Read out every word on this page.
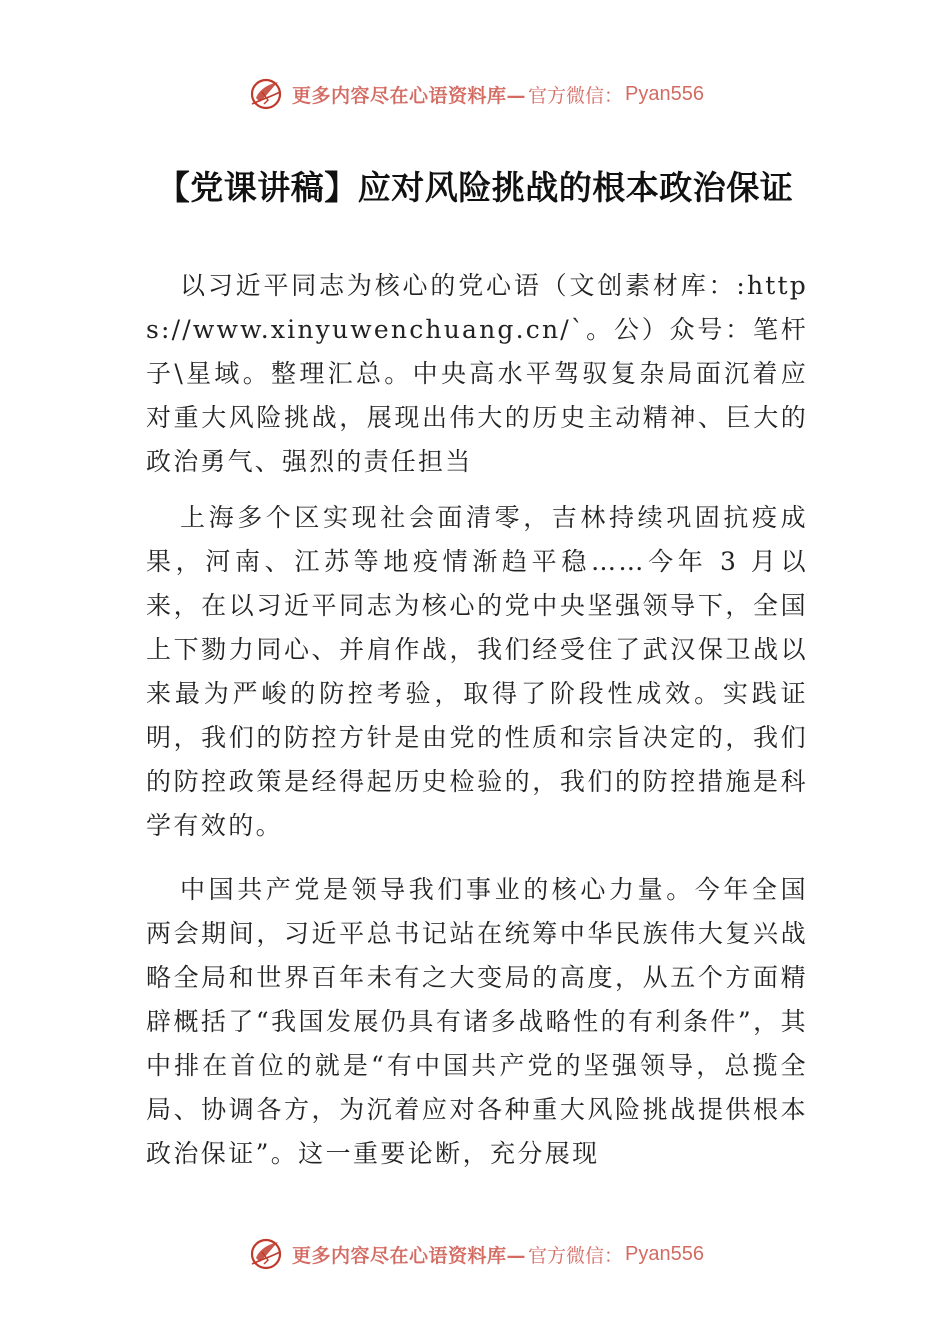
更多内容尽在心语资料库— 官方微信： Pyan556
【党课讲稿】应对风险挑战的根本政治保证

以习近平同志为核心的党心语（文创素材库：:https://www.xinyuwenchuang.cn/`。公）众号：笔杆子\星域。整理汇总。中央高水平驾驭复杂局面沉着应对重大风险挑战，展现出伟大的历史主动精神、巨大的政治勇气、强烈的责任担当

上海多个区实现社会面清零，吉林持续巩固抗疫成果，河南、江苏等地疫情渐趋平稳……今年 3 月以来，在以习近平同志为核心的党中央坚强领导下，全国上下勠力同心、并肩作战，我们经受住了武汉保卫战以来最为严峻的防控考验，取得了阶段性成效。实践证明，我们的防控方针是由党的性质和宗旨决定的，我们的防控政策是经得起历史检验的，我们的防控措施是科学有效的。

中国共产党是领导我们事业的核心力量。今年全国两会期间，习近平总书记站在统筹中华民族伟大复兴战略全局和世界百年未有之大变局的高度，从五个方面精辟概括了“我国发展仍具有诸多战略性的有利条件”，其中排在首位的就是“有中国共产党的坚强领导，总揽全局、协调各方，为沉着应对各种重大风险挑战提供根本政治保证”。这一重要论断，充分展现

更多内容尽在心语资料库— 官方微信： Pyan556
